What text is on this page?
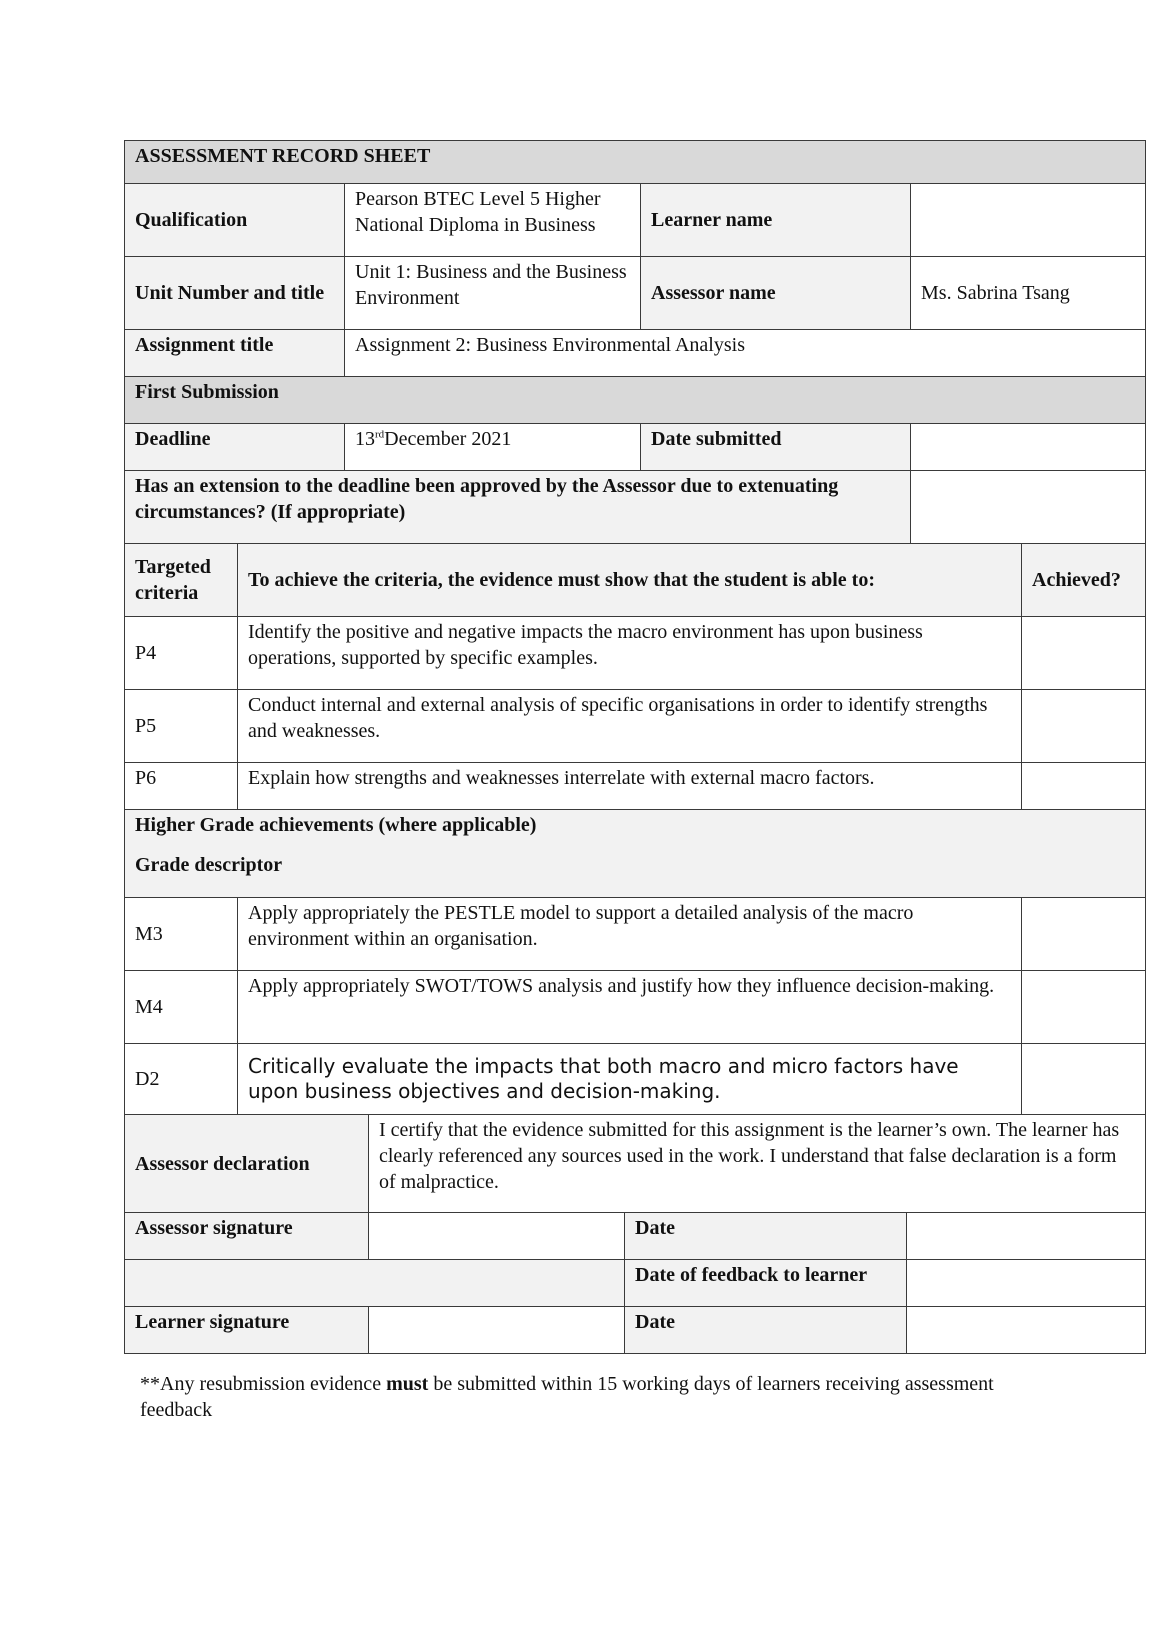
ASSESSMENT RECORD SHEET			
Qualification	Pearson BTEC Level 5 Higher National Diploma in Business	Learner name	
Unit Number and title	Unit 1: Business and the Business Environment	Assessor name	Ms. Sabrina Tsang
Assignment title	Assignment 2: Business Environmental Analysis		
First Submission			
Deadline	13rdDecember 2021	Date submitted	
Has an extension to the deadline been approved by the Assessor due to extenuating circumstances? (If appropriate)			
Targeted criteria	To achieve the criteria, the evidence must show that the student is able to:	Achieved?
P4	Identify the positive and negative impacts the macro environment has upon business operations, supported by specific examples.	
P5	Conduct internal and external analysis of specific organisations in order to identify strengths and weaknesses.	
P6	Explain how strengths and weaknesses interrelate with external macro factors.	

Higher Grade achievements (where applicable)
Grade descriptor		

M3	Apply appropriately the PESTLE model to support a detailed analysis of the macro environment within an organisation.	
M4	Apply appropriately SWOT/TOWS analysis and justify how they influence decision-making.	
D2	Critically evaluate the impacts that both macro and micro factors have upon business objectives and decision-making.	
Assessor declaration	I certify that the evidence submitted for this assignment is the learner’s own. The learner has clearly referenced any sources used in the work. I understand that false declaration is a form of malpractice.		
Assessor signature		Date	
		Date of feedback to learner	
Learner signature		Date	
**Any resubmission evidence must be submitted within 15 working days of learners receiving assessment feedback
